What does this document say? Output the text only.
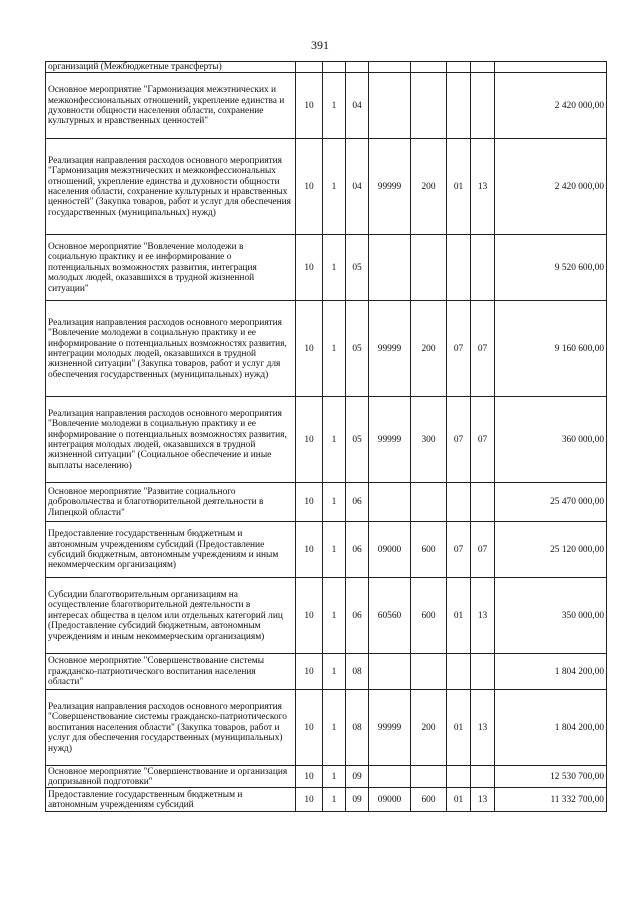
391
организаций (Межбюджетные трансферты)								
Основное мероприятие "Гармонизация межэтнических и межконфессиональных отношений, укрепление единства и духовности общности населения области, сохранение культурных и нравственных ценностей"	10	1	04					2 420 000,00
Реализация направления расходов основного мероприятия "Гармонизация межэтнических и межконфессиональных отношений, укрепление единства и духовности общности населения области, сохранение культурных и нравственных ценностей" (Закупка товаров, работ и услуг для обеспечения государственных (муниципальных) нужд)	10	1	04	99999	200	01	13	2 420 000,00
Основное мероприятие "Вовлечение молодежи в социальную практику и ее информирование о потенциальных возможностях развития, интеграция молодых людей, оказавшихся в трудной жизненной ситуации"	10	1	05					9 520 600,00
Реализация направления расходов основного мероприятия "Вовлечение молодежи в социальную практику и ее информирование о потенциальных возможностях развития, интеграции молодых людей, оказавшихся в трудной жизненной ситуации" (Закупка товаров, работ и услуг для обеспечения государственных (муниципальных) нужд)	10	1	05	99999	200	07	07	9 160 600,00
Реализация направления расходов основного мероприятия "Вовлечение молодежи в социальную практику и ее информирование о потенциальных возможностях развития, интеграция молодых людей, оказавшихся в трудной жизненной ситуации" (Социальное обеспечение и иные выплаты населению)	10	1	05	99999	300	07	07	360 000,00
Основное мероприятие "Развитие социального добровольчества и благотворительной деятельности в Липецкой области"	10	1	06					25 470 000,00
Предоставление государственным бюджетным и автономным учреждениям субсидий (Предоставление субсидий бюджетным, автономным учреждениям и иным некоммерческим организациям)	10	1	06	09000	600	07	07	25 120 000,00
Субсидии благотворительным организациям на осуществление благотворительной деятельности в интересах общества в целом или отдельных категорий лиц (Предоставление субсидий бюджетным, автономным учреждениям и иным некоммерческим организациям)	10	1	06	60560	600	01	13	350 000,00
Основное мероприятие "Совершенствование системы гражданско-патриотического воспитания населения области"	10	1	08					1 804 200,00
Реализация направления расходов основного мероприятия "Совершенствование системы гражданско-патриотического воспитания населения области" (Закупка товаров, работ и услуг для обеспечения государственных (муниципальных) нужд)	10	1	08	99999	200	01	13	1 804 200,00
Основное мероприятие "Совершенствование и организация допризывной подготовки"	10	1	09					12 530 700,00
Предоставление государственным бюджетным и автономным учреждениям субсидий	10	1	09	09000	600	01	13	11 332 700,00
